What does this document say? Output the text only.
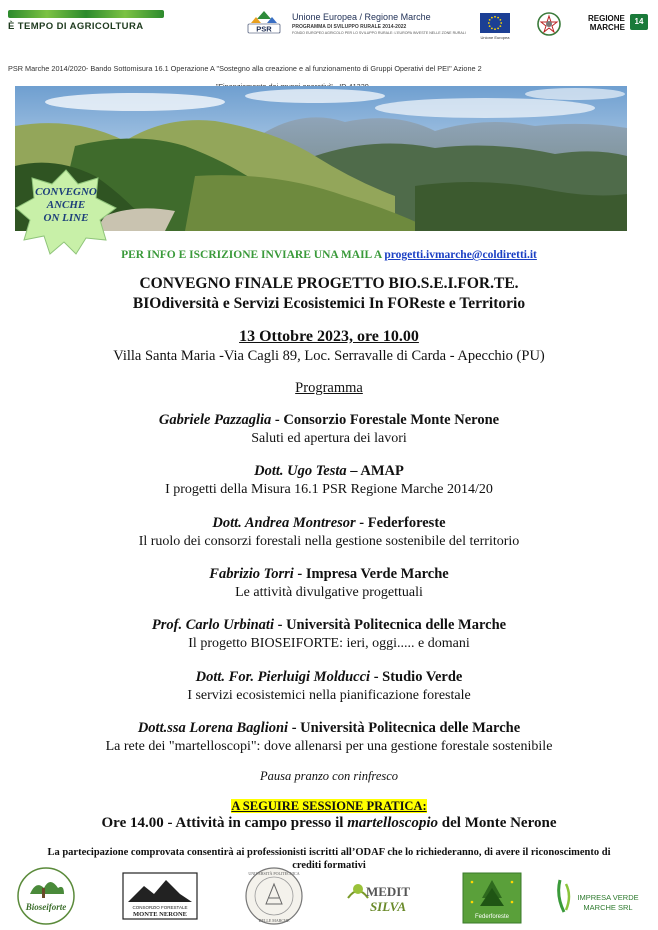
È TEMPO DI AGRICOLTURA	PSR
Unione Europea / Regione Marche
PROGRAMMA DI SVILUPPO RURALE 2014-2022
FONDO EUROPEO AGRICOLO PER LO SVILUPPO RURALE: L'EUROPA INVESTE NELLE ZONE RURALI
Unione Europea
REGIONE
MARCHE
14

PSR Marche 2014/2020- Bando Sottomisura 16.1 Operazione A "Sostegno alla creazione e al funzionamento di Gruppi Operativi del PEI" Azione 2

CONVEGNO
ANCHE
ON LINE
PER INFO E ISCRIZIONE INVIARE UNA MAIL A progetti.ivmarche@coldiretti.it
CONVEGNO FINALE PROGETTO BIO.S.E.I.FOR.TE.
BIOdiversità e Servizi Ecosistemici In FOReste e Territorio
13 Ottobre 2023, ore 10.00
Villa Santa Maria -Via Cagli 89, Loc. Serravalle di Carda - Apecchio (PU)
Programma
Gabriele Pazzaglia - Consorzio Forestale Monte Nerone
Saluti ed apertura dei lavori
Dott. Ugo Testa – AMAP
I progetti della Misura 16.1 PSR Regione Marche 2014/20
Dott. Andrea Montresor - Federforeste
Il ruolo dei consorzi forestali nella gestione sostenibile del territorio
Fabrizio Torri - Impresa Verde Marche
Le attività divulgative progettuali
Prof. Carlo Urbinati - Università Politecnica delle Marche
Il progetto BIOSEIFORTE: ieri, oggi..... e domani
Dott. For. Pierluigi Molducci - Studio Verde
I servizi ecosistemici nella pianificazione forestale
Dott.ssa Lorena Baglioni - Università Politecnica delle Marche
La rete dei "martelloscopi": dove allenarsi per una gestione forestale sostenibile
Pausa pranzo con rinfresco
A SEGUIRE SESSIONE PRATICA:
Ore 14.00 - Attività in campo presso il martelloscopio del Monte Nerone
La partecipazione comprovata consentirà ai professionisti iscritti all’ODAF che lo richiederanno, di avere il riconoscimento di
crediti formativi
Bioseiforte	CONSORZIO FORESTALE
MONTE NERONE
UNIVERSITÀ POLITECNICA
DELLE MARCHE
MEDIT
SILVA
Federforeste
IMPRESA VERDE
MARCHE SRL
